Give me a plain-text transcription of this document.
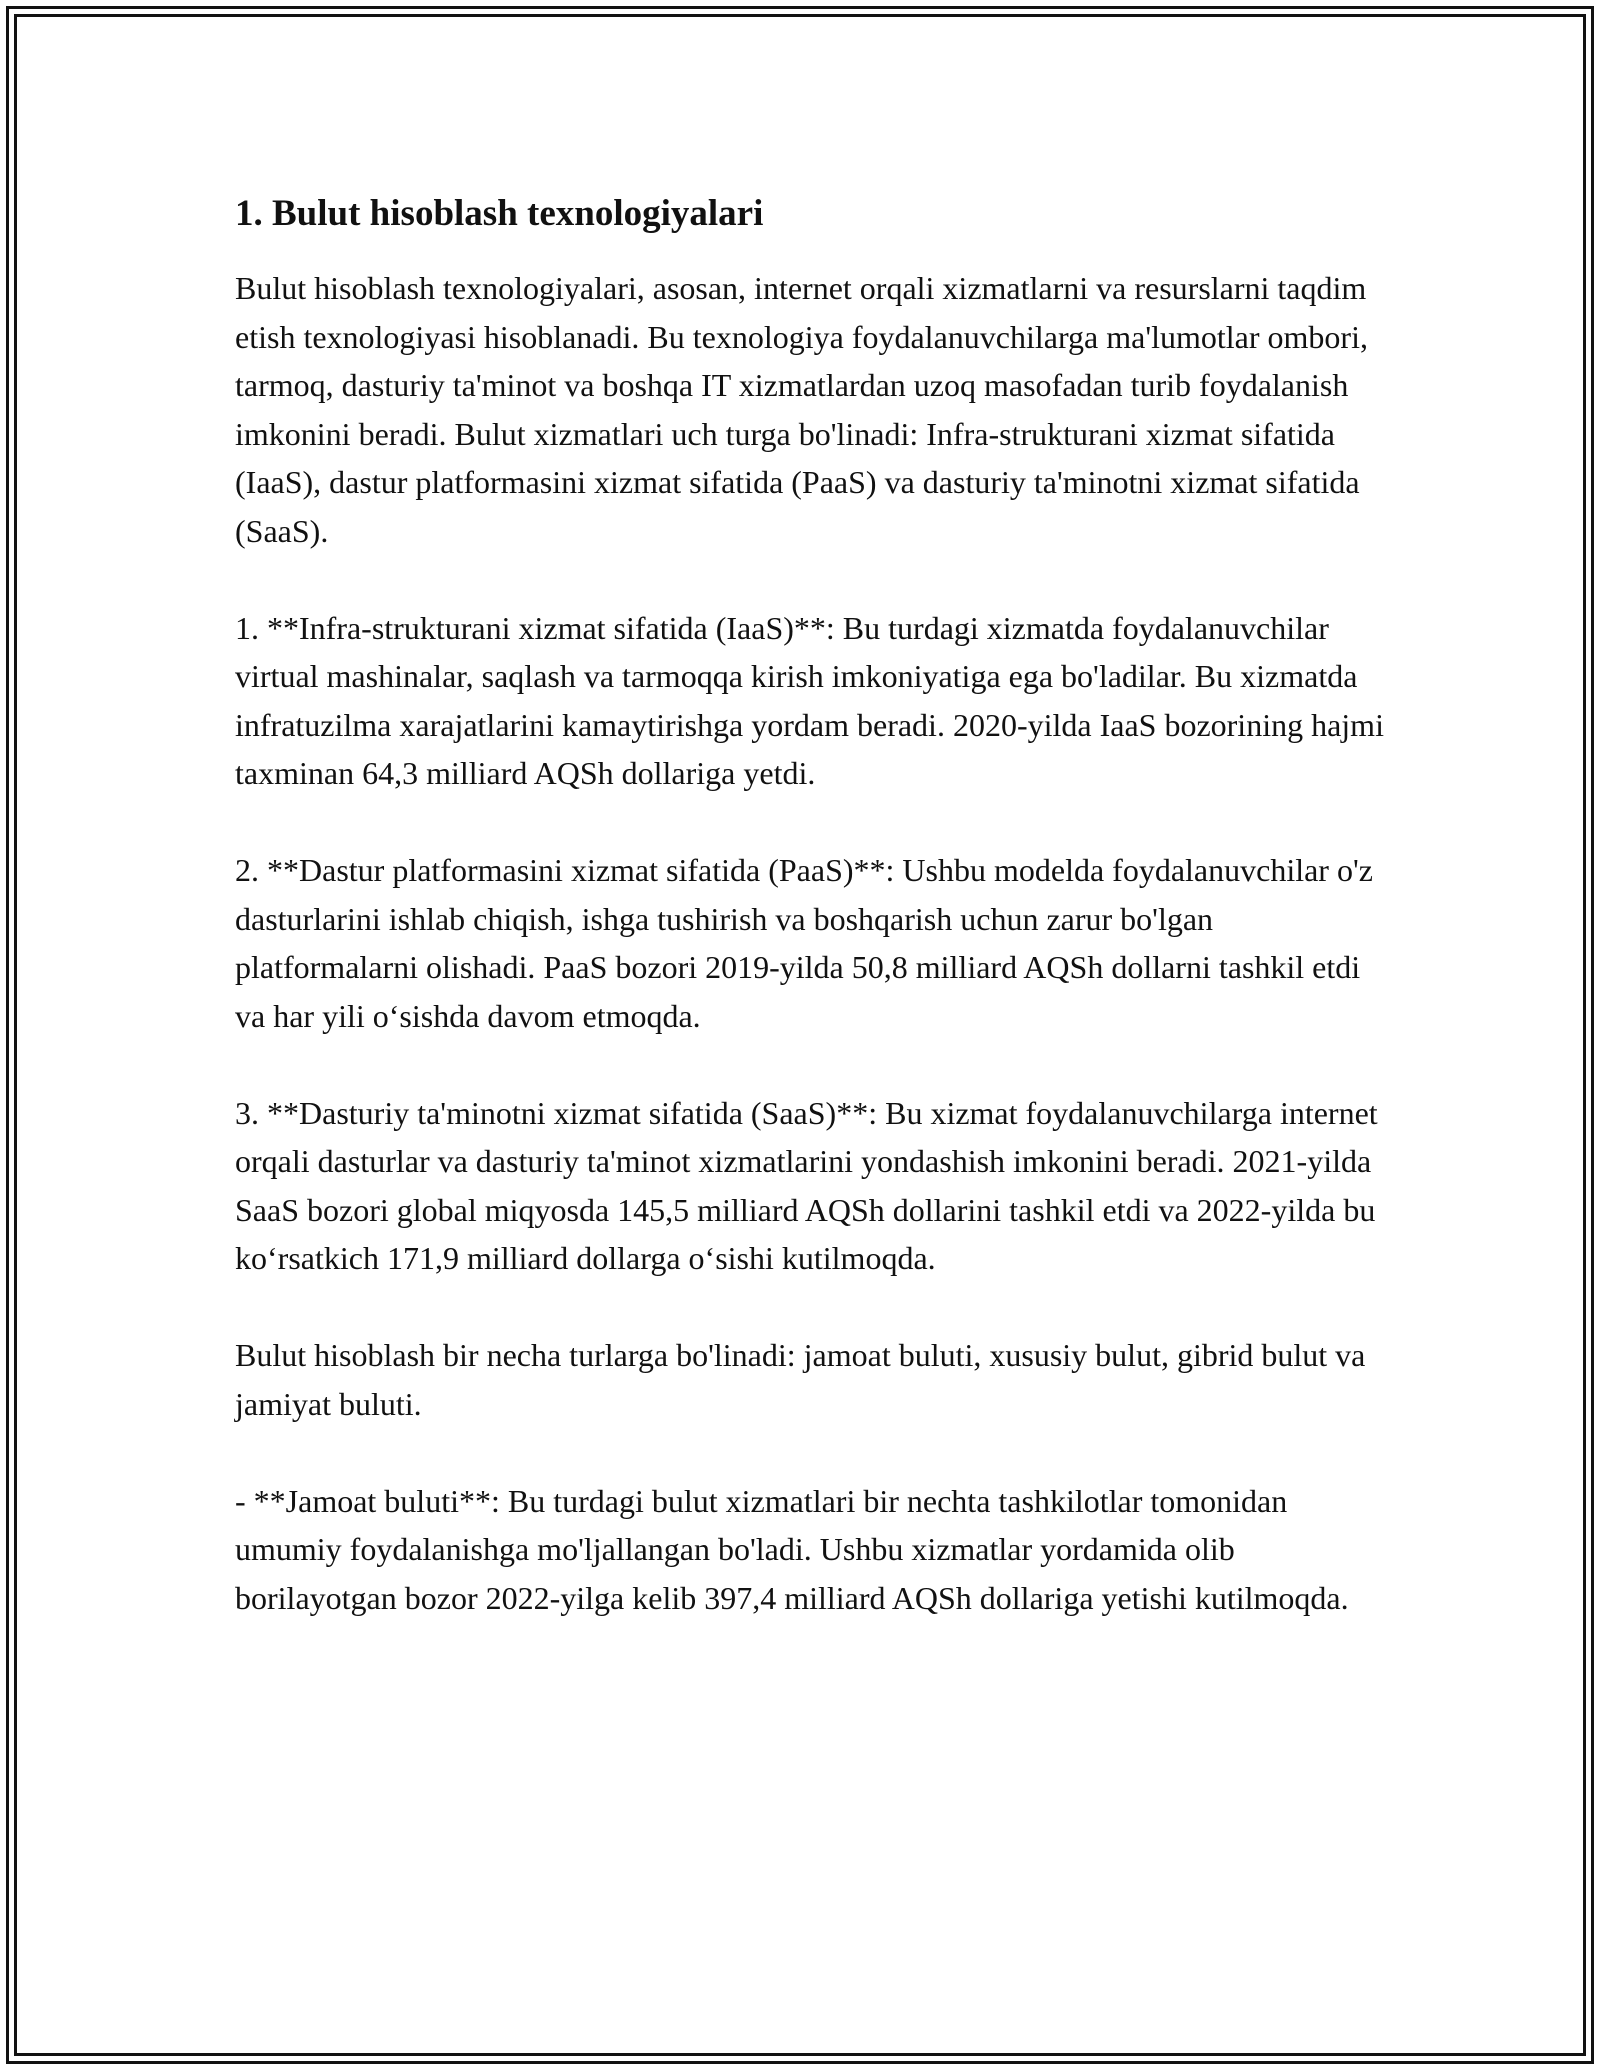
1. Bulut hisoblash texnologiyalari

Bulut hisoblash texnologiyalari, asosan, internet orqali xizmatlarni va resurslarni taqdim etish texnologiyasi hisoblanadi. Bu texnologiya foydalanuvchilarga ma'lumotlar ombori, tarmoq, dasturiy ta'minot va boshqa IT xizmatlardan uzoq masofadan turib foydalanish imkonini beradi. Bulut xizmatlari uch turga bo'linadi: Infra-strukturani xizmat sifatida (IaaS), dastur platformasini xizmat sifatida (PaaS) va dasturiy ta'minotni xizmat sifatida (SaaS).

1. **Infra-strukturani xizmat sifatida (IaaS)**: Bu turdagi xizmatda foydalanuvchilar virtual mashinalar, saqlash va tarmoqqa kirish imkoniyatiga ega bo'ladilar. Bu xizmatda infratuzilma xarajatlarini kamaytirishga yordam beradi. 2020-yilda IaaS bozorining hajmi taxminan 64,3 milliard AQSh dollariga yetdi.

2. **Dastur platformasini xizmat sifatida (PaaS)**: Ushbu modelda foydalanuvchilar o'z dasturlarini ishlab chiqish, ishga tushirish va boshqarish uchun zarur bo'lgan platformalarni olishadi. PaaS bozori 2019-yilda 50,8 milliard AQSh dollarni tashkil etdi va har yili o‘sishda davom etmoqda.

3. **Dasturiy ta'minotni xizmat sifatida (SaaS)**: Bu xizmat foydalanuvchilarga internet orqali dasturlar va dasturiy ta'minot xizmatlarini yondashish imkonini beradi. 2021-yilda SaaS bozori global miqyosda 145,5 milliard AQSh dollarini tashkil etdi va 2022-yilda bu ko‘rsatkich 171,9 milliard dollarga o‘sishi kutilmoqda.

Bulut hisoblash bir necha turlarga bo'linadi: jamoat buluti, xususiy bulut, gibrid bulut va jamiyat buluti.

- **Jamoat buluti**: Bu turdagi bulut xizmatlari bir nechta tashkilotlar tomonidan umumiy foydalanishga mo'ljallangan bo'ladi. Ushbu xizmatlar yordamida olib borilayotgan bozor 2022-yilga kelib 397,4 milliard AQSh dollariga yetishi kutilmoqda.
